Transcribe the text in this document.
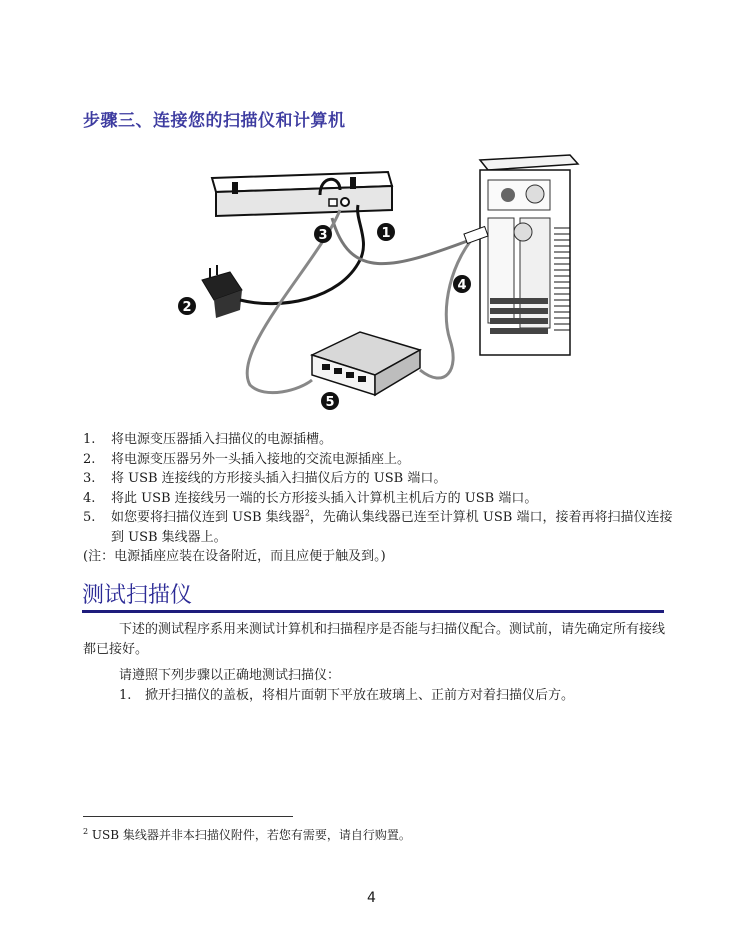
步骤三、连接您的扫描仪和计算机
1
2
3
4
5
1. 将电源变压器插入扫描仪的电源插槽。
2. 将电源变压器另外一头插入接地的交流电源插座上。
3. 将 USB 连接线的方形接头插入扫描仪后方的 USB 端口。
4. 将此 USB 连接线另一端的长方形接头插入计算机主机后方的 USB 端口。
5. 如您要将扫描仪连到 USB 集线器$^2$，先确认集线器已连至计算机 USB 端口，接着再将扫描仪连接到 USB 集线器上。
(注：电源插座应装在设备附近，而且应便于触及到。)
测试扫描仪

下述的测试程序系用来测试计算机和扫描程序是否能与扫描仪配合。测试前，请先确定所有接线都已接好。

请遵照下列步骤以正确地测试扫描仪：

1. 掀开扫描仪的盖板，将相片面朝下平放在玻璃上、正前方对着扫描仪后方。
$^2$ USB 集线器并非本扫描仪附件，若您有需要，请自行购置。
4
